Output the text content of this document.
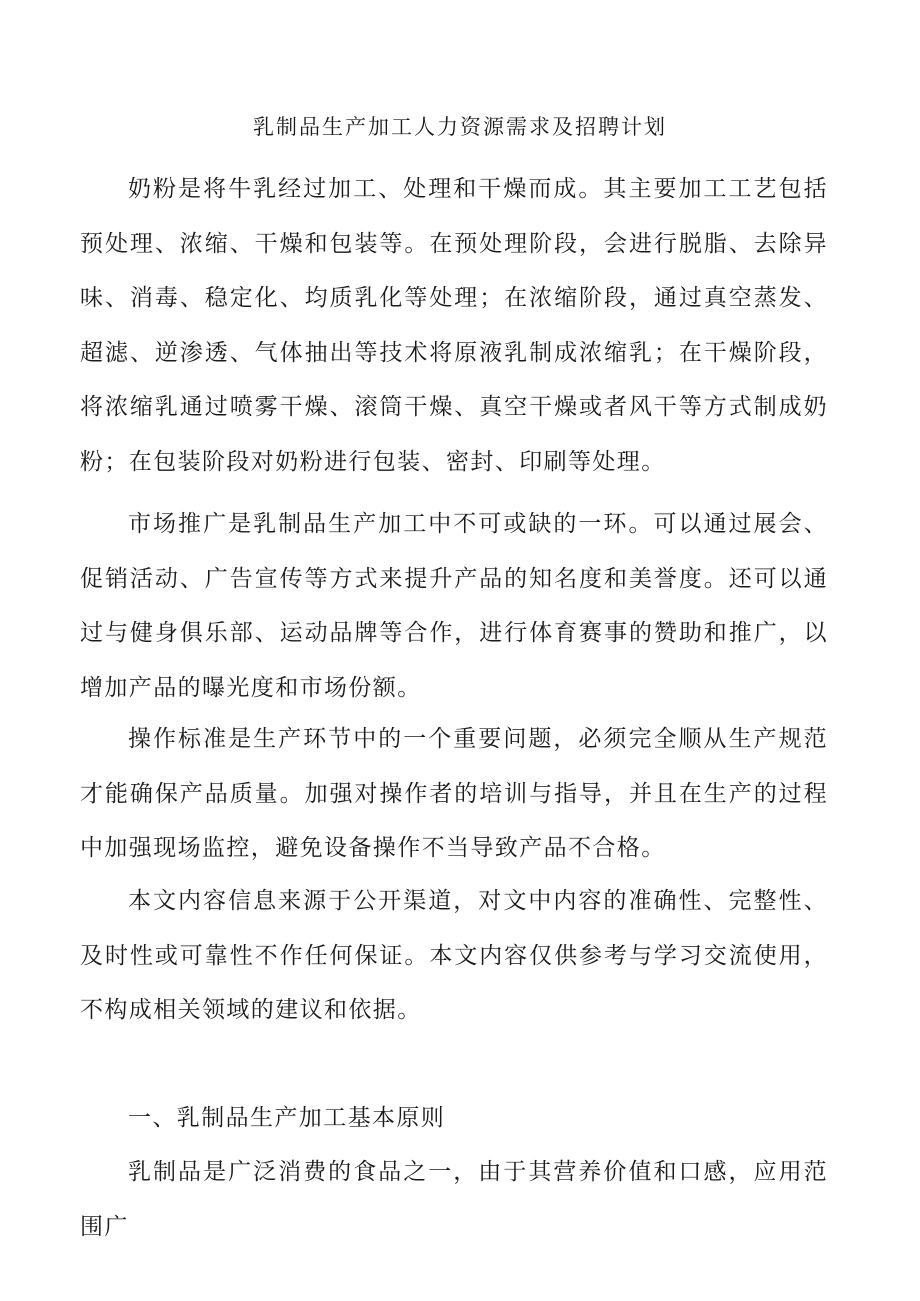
乳制品生产加工人力资源需求及招聘计划

奶粉是将牛乳经过加工、处理和干燥而成。其主要加工工艺包括预处理、浓缩、干燥和包装等。在预处理阶段，会进行脱脂、去除异味、消毒、稳定化、均质乳化等处理；在浓缩阶段，通过真空蒸发、超滤、逆渗透、气体抽出等技术将原液乳制成浓缩乳；在干燥阶段，将浓缩乳通过喷雾干燥、滚筒干燥、真空干燥或者风干等方式制成奶粉；在包装阶段对奶粉进行包装、密封、印刷等处理。

市场推广是乳制品生产加工中不可或缺的一环。可以通过展会、促销活动、广告宣传等方式来提升产品的知名度和美誉度。还可以通过与健身俱乐部、运动品牌等合作，进行体育赛事的赞助和推广，以增加产品的曝光度和市场份额。

操作标准是生产环节中的一个重要问题，必须完全顺从生产规范才能确保产品质量。加强对操作者的培训与指导，并且在生产的过程中加强现场监控，避免设备操作不当导致产品不合格。

本文内容信息来源于公开渠道，对文中内容的准确性、完整性、及时性或可靠性不作任何保证。本文内容仅供参考与学习交流使用，不构成相关领域的建议和依据。

一、乳制品生产加工基本原则

乳制品是广泛消费的食品之一，由于其营养价值和口感，应用范围广
